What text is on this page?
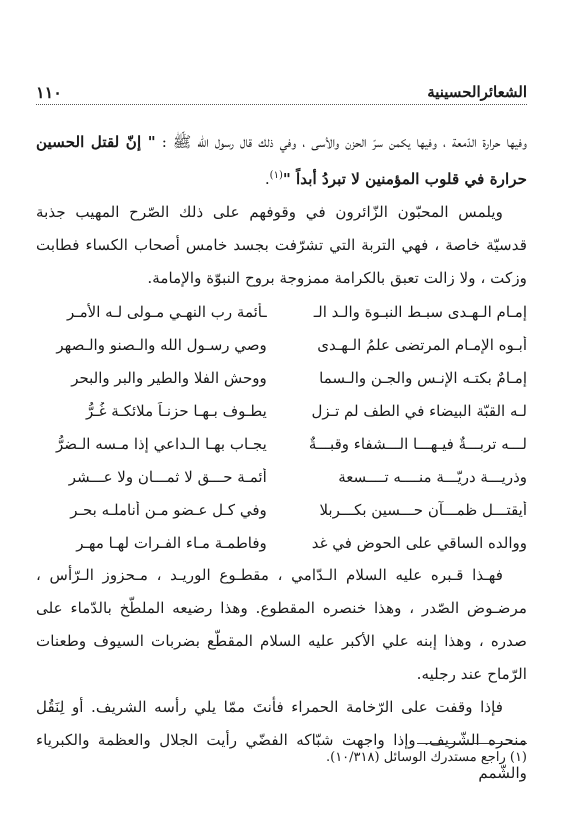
الشعائرالحسينية
١١٠

وفيها حرارة الدّمعة ، وفيها يكمن سرّ الحزن والأسى ، وفي ذلك قال رسول الله ﷺ : " إنّ لقتل الحسين حرارة في قلوب المؤمنين لا تبردُ أبداً "$^{(١)}$.

ويلمس المحبّون الزّائرون في وقوفهم على ذلك الصّرح المهيب جذبة قدسيّة خاصة ، فهي التربة التي تشرّفت بجسد خامس أصحاب الكساء فطابت وزكت ، ولا زالت تعبق بالكرامة ممزوجة بروح النبوّة والإمامة.

إمـام الـهـدى سبـط النبـوة والـد الـ
ـأئمة رب النهـي مـولى لـه الأمـر
أبـوه الإمـام المرتضى علمُ الـهـدى
وصي رسـول الله والـصنو والـصهر
إمـامٌ بكتـه الإنـس والجـن والـسما
ووحش الفلا والطير والبر والبحر
لـه القبّة البيضاء في الطف لم تـزل
يطـوف بـهـا حزنـاً ملائكـة غُـرُّ
لـــه تربـــةٌ فيـهـــا الـــشفاء وقبـــةٌ
يجـاب بهـا الـداعي إذا مـسه الـضرُّ
وذريـــة دريّـــة منــــه تــــسعة
أئمـة حـــق لا ثمـــان ولا عـــشر
أيقتـــل ظمـــآن حـــسين بكـــربلا
وفي كـل عـضو مـن أناملـه بحـر
ووالده الساقي على الحوض في غد
وفاطمـة مـاء الفـرات لهـا مهـر

فهـذا قـبره عليه السلام الـدّامي ، مقطـوع الوريـد ، مـحزوز الـرّأس ، مرضـوض الصّدر ، وهذا خنصره المقطوع. وهذا رضيعه الملطّخ بالدّماء على صدره ، وهذا إبنه علي الأكبر عليه السلام المقطّع بضربات السيوف وطعنات الرّماح عند رجليه.

فإذا وقفت على الرّخامة الحمراء فأنتَ ممّا يلي رأسه الشريف. أو لِنَقُل منحره الشّريف. وإذا واجهت شبّاكه الفضّي رأيت الجلال والعظمة والكبرياء والشّمم

(١) راجع مستدرك الوسائل (١٠/٣١٨).
